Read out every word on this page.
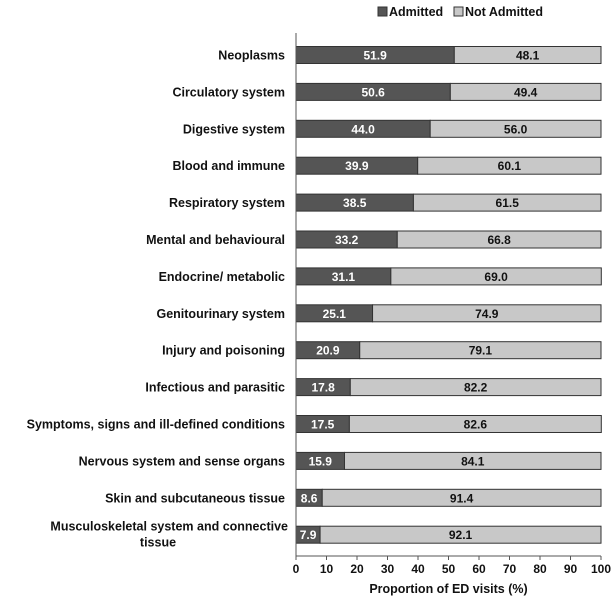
Admitted Not Admitted
51.9	48.1
50.6	49.4
44.0	56.0
39.9	60.1
38.5	61.5
33.2	66.8
31.1	69.0
25.1	74.9
20.9	79.1
17.8	82.2
17.5	82.6
15.9	84.1
8.6	91.4
7.9	92.1
Neoplasms
Circulatory system
Digestive system
Blood and immune
Respiratory system
Mental and behavioural
Endocrine/ metabolic
Genitourinary system
Injury and poisoning
Infectious and parasitic
Symptoms, signs and ill-defined conditions
Nervous system and sense organs
Skin and subcutaneous tissue
Musculoskeletal system and connective
tissue
0 10 20 30 40 50 60 70 80 90 100
Proportion of ED visits (%)
